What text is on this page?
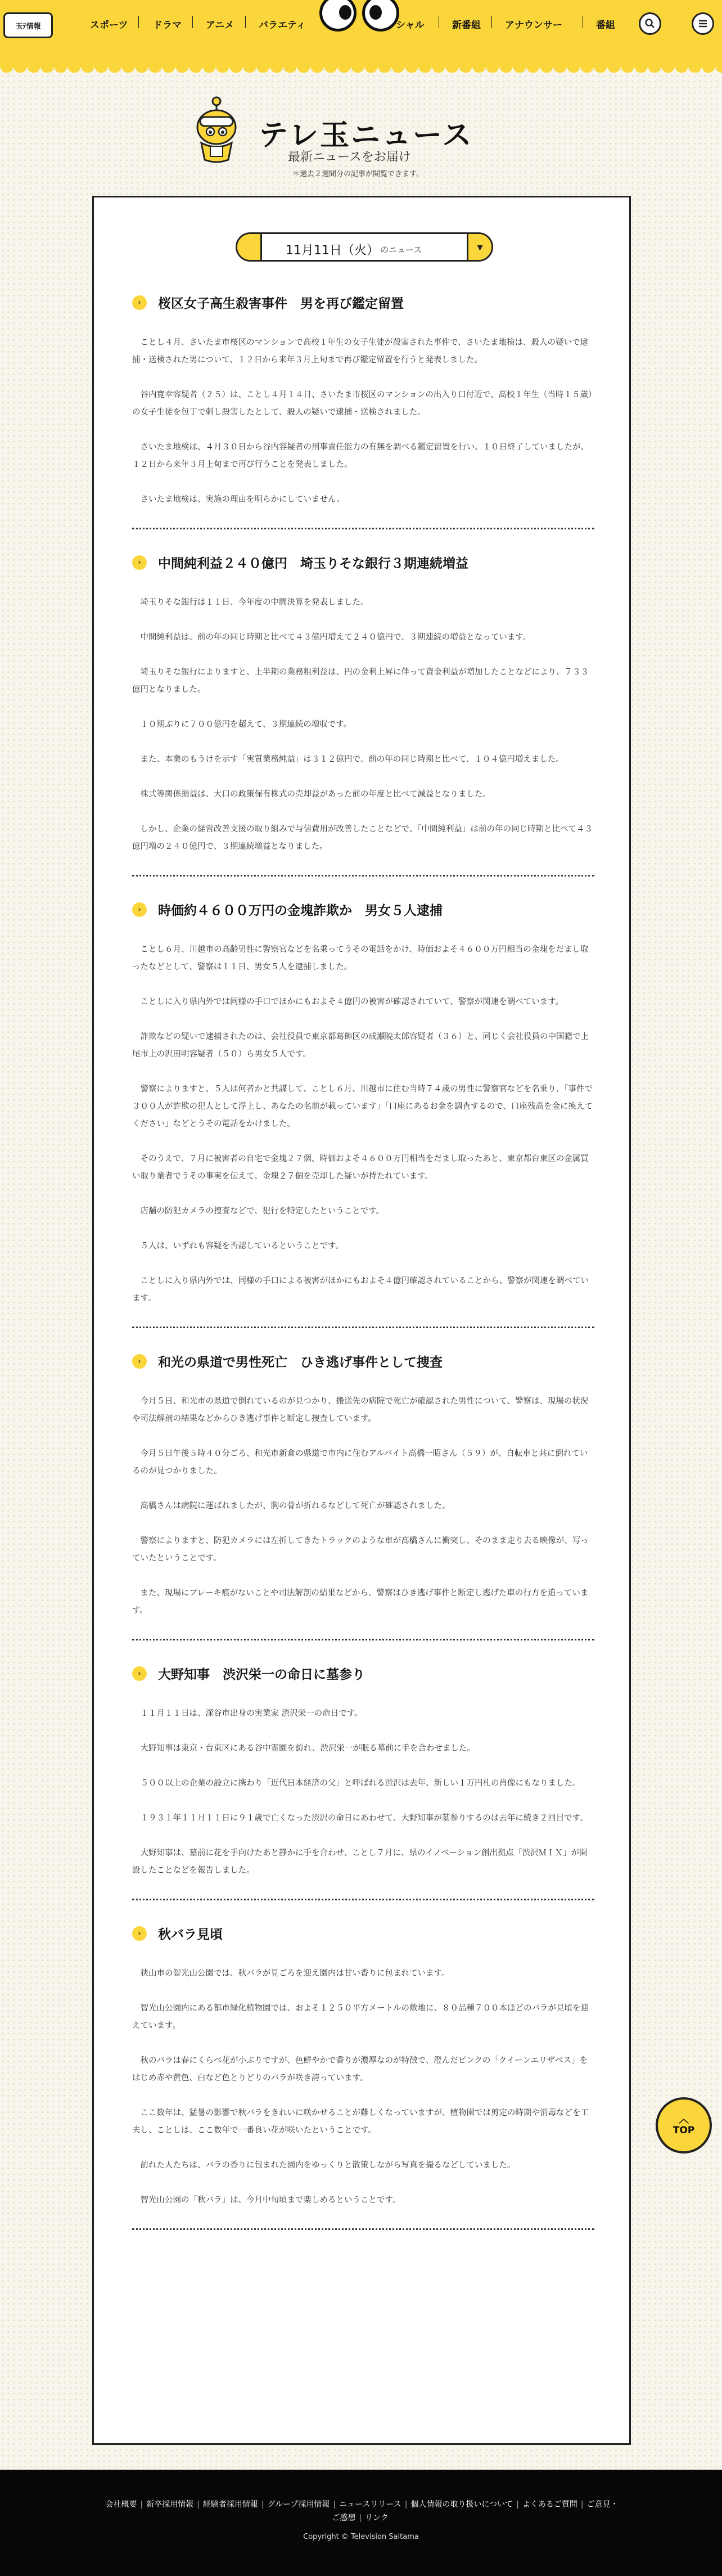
玉ﾃ情報	スポーツ	ドラマ	アニメ	バラエティ	シャル	新番組	アナウンサー	番組
テレ玉ニュース
最新ニュースをお届け
＊過去２週間分の記事が閲覧できます。
11月11日（火） のニュース	▾
›	桜区女子高生殺害事件　男を再び鑑定留置

ことし４月、さいたま市桜区のマンションで高校１年生の女子生徒が殺害された事件で、さいたま地検は、殺人の疑いで逮捕・送検された男について、１２日から来年３月上旬まで再び鑑定留置を行うと発表しました。

谷内寛幸容疑者（２５）は、ことし４月１４日、さいたま市桜区のマンションの出入り口付近で、高校１年生（当時１５歳）の女子生徒を包丁で刺し殺害したとして、殺人の疑いで逮捕・送検されました。

さいたま地検は、４月３０日から谷内容疑者の刑事責任能力の有無を調べる鑑定留置を行い、１０日終了していましたが、１２日から来年３月上旬まで再び行うことを発表しました。

さいたま地検は、実施の理由を明らかにしていません。

›	中間純利益２４０億円　埼玉りそな銀行３期連続増益

埼玉りそな銀行は１１日、今年度の中間決算を発表しました。

中間純利益は、前の年の同じ時期と比べて４３億円増えて２４０億円で、３期連続の増益となっています。

埼玉りそな銀行によりますと、上半期の業務粗利益は、円の金利上昇に伴って資金利益が増加したことなどにより、７３３億円となりました。

１０期ぶりに７００億円を超えて、３期連続の増収です。

また、本業のもうけを示す「実質業務純益」は３１２億円で、前の年の同じ時期と比べて、１０４億円増えました。

株式等関係損益は、大口の政策保有株式の売却益があった前の年度と比べて減益となりました。

しかし、企業の経営改善支援の取り組みで与信費用が改善したことなどで、「中間純利益」は前の年の同じ時期と比べて４３億円増の２４０億円で、３期連続増益となりました。

›	時価約４６００万円の金塊詐欺か　男女５人逮捕

ことし６月、川越市の高齢男性に警察官などを名乗ってうその電話をかけ、時価およそ４６００万円相当の金塊をだまし取ったなどとして、警察は１１日、男女５人を逮捕しました。

ことしに入り県内外では同様の手口でほかにもおよそ４億円の被害が確認されていて、警察が関連を調べています。

詐欺などの疑いで逮捕されたのは、会社役員で東京都葛飾区の成瀬暁太郎容疑者（３６）と、同じく会社役員の中国籍で上尾市上の沢田明容疑者（５０）ら男女５人です。

警察によりますと、５人は何者かと共謀して、ことし６月、川越市に住む当時７４歳の男性に警察官などを名乗り、「事件で３００人が詐欺の犯人として浮上し、あなたの名前が載っています」「口座にあるお金を調査するので、口座残高を金に換えてください」などとうその電話をかけました。

そのうえで、７月に被害者の自宅で金塊２７個、時価およそ４６００万円相当をだまし取ったあと、東京都台東区の金属買い取り業者でうその事実を伝えて、金塊２７個を売却した疑いが持たれています。

店舗の防犯カメラの捜査などで、犯行を特定したということです。

５人は、いずれも容疑を否認しているということです。

ことしに入り県内外では、同様の手口による被害がほかにもおよそ４億円確認されていることから、警察が関連を調べています。

›	和光の県道で男性死亡　ひき逃げ事件として捜査

今月５日、和光市の県道で倒れているのが見つかり、搬送先の病院で死亡が確認された男性について、警察は、現場の状況や司法解剖の結果などからひき逃げ事件と断定し捜査しています。

今月５日午後５時４０分ごろ、和光市新倉の県道で市内に住むアルバイト高橋一昭さん（５９）が、自転車と共に倒れているのが見つかりました。

高橋さんは病院に運ばれましたが、胸の骨が折れるなどして死亡が確認されました。

警察によりますと、防犯カメラには左折してきたトラックのような車が高橋さんに衝突し、そのまま走り去る映像が、写っていたということです。

また、現場にブレーキ痕がないことや司法解剖の結果などから、警察はひき逃げ事件と断定し逃げた車の行方を追っています。

›	大野知事　渋沢栄一の命日に墓参り

１１月１１日は、深谷市出身の実業家 渋沢栄一の命日です。

大野知事は東京・台東区にある谷中霊園を訪れ、渋沢栄一が眠る墓前に手を合わせました。

５００以上の企業の設立に携わり「近代日本経済の父」と呼ばれる渋沢は去年、新しい１万円札の肖像にもなりました。

１９３１年１１月１１日に９１歳で亡くなった渋沢の命日にあわせて、大野知事が墓参りするのは去年に続き２回目です。

大野知事は、墓前に花を手向けたあと静かに手を合わせ、ことし７月に、県のイノベーション創出拠点「渋沢ＭＩＸ」が開設したことなどを報告しました。

›	秋バラ見頃

狭山市の智光山公園では、秋バラが見ごろを迎え園内は甘い香りに包まれています。

智光山公園内にある都市緑化植物園では、およそ１２５０平方メートルの敷地に、８０品種７００本ほどのバラが見頃を迎えています。

秋のバラは春にくらべ花が小ぶりですが、色鮮やかで香りが濃厚なのが特徴で、澄んだピンクの「クイーンエリザベス」をはじめ赤や黄色、白など色とりどりのバラが咲き誇っています。

ここ数年は、猛暑の影響で秋バラをきれいに咲かせることが難しくなっていますが、植物園では剪定の時期や消毒などを工夫し、ことしは、ここ数年で一番良い花が咲いたということです。

訪れた人たちは、バラの香りに包まれた園内をゆっくりと散策しながら写真を撮るなどしていました。

智光山公園の「秋バラ」は、今月中旬頃まで楽しめるということです。

︿
TOP
会社概要 | 新卒採用情報 | 経験者採用情報 | グループ採用情報 | ニュースリリース | 個人情報の取り扱いについて | よくあるご質問 | ご意見・ご感想 | リンク
Copyright © Television Saitama
